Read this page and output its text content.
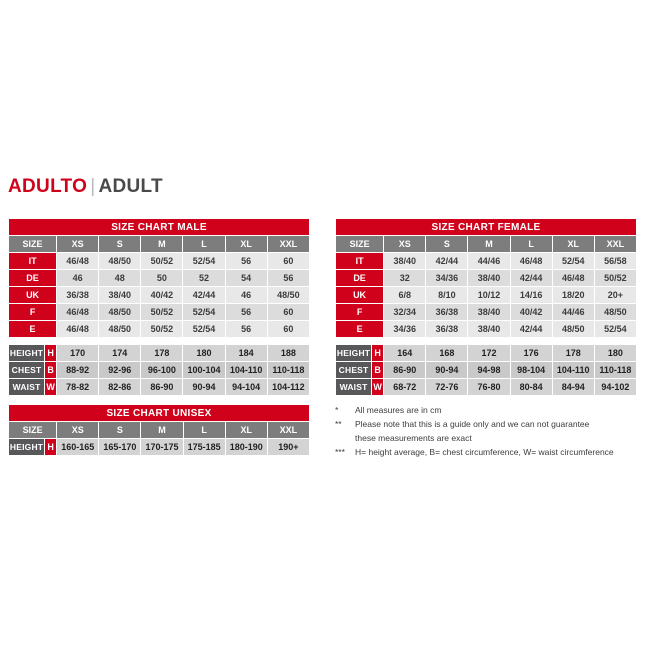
ADULTO | ADULT
SIZE CHART MALE							
SIZE		XS	S	M	L	XL	XXL
IT		46/48	48/50	50/52	52/54	56	60
DE		46	48	50	52	54	56
UK		36/38	38/40	40/42	42/44	46	48/50
F		46/48	48/50	50/52	52/54	56	60
E		46/48	48/50	50/52	52/54	56	60

HEIGHT	H	170	174	178	180	184	188
CHEST	B	88-92	92-96	96-100	100-104	104-110	110-118
WAIST	W	78-82	82-86	86-90	90-94	94-104	104-112
SIZE CHART FEMALE							
SIZE		XS	S	M	L	XL	XXL
IT		38/40	42/44	44/46	46/48	52/54	56/58
DE		32	34/36	38/40	42/44	46/48	50/52
UK		6/8	8/10	10/12	14/16	18/20	20+
F		32/34	36/38	38/40	40/42	44/46	48/50
E		34/36	36/38	38/40	42/44	48/50	52/54

HEIGHT	H	164	168	172	176	178	180
CHEST	B	86-90	90-94	94-98	98-104	104-110	110-118
WAIST	W	68-72	72-76	76-80	80-84	84-94	94-102
SIZE CHART UNISEX							
SIZE		XS	S	M	L	XL	XXL
HEIGHT	H	160-165	165-170	170-175	175-185	180-190	190+
*	All measures are in cm
**	Please note that this is a guide only and we can not guarantee
these measurements are exact
***	H= height average, B= chest circumference, W= waist circumference
